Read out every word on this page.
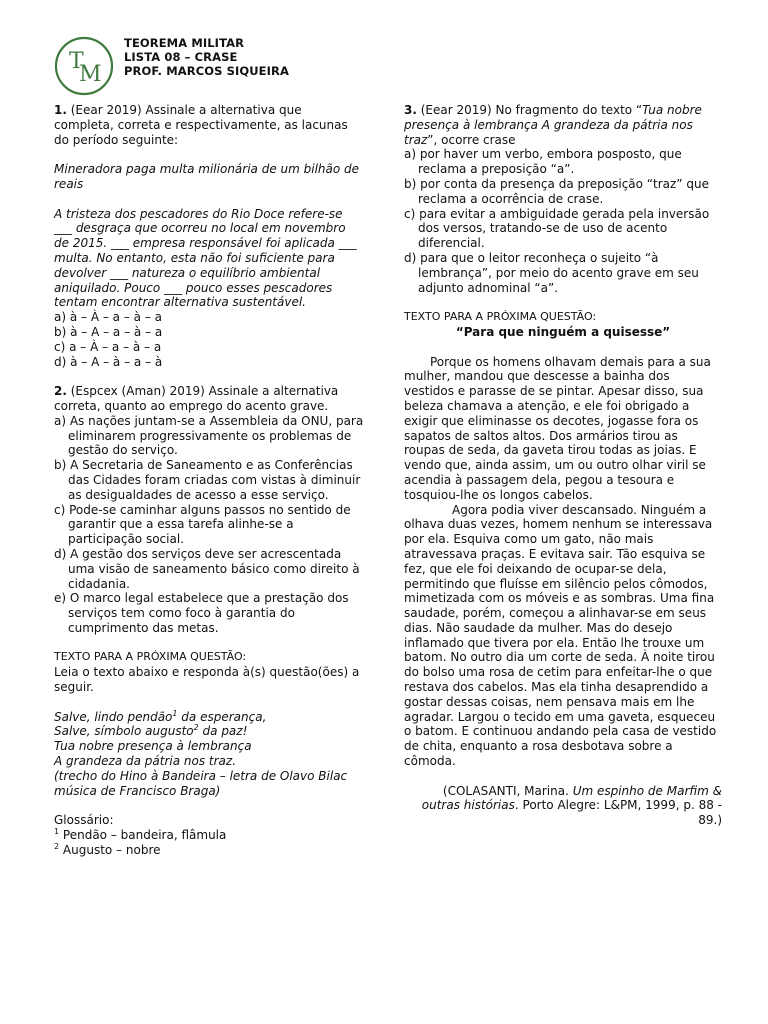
T
M
TEOREMA MILITAR
LISTA 08 – CRASE
PROF. MARCOS SIQUEIRA

1. (Eear 2019) Assinale a alternativa que completa, correta e respectivamente, as lacunas do período seguinte:

Mineradora paga multa milionária de um bilhão de reais

A tristeza dos pescadores do Rio Doce refere-se ___ desgraça que ocorreu no local em novembro de 2015. ___ empresa responsável foi aplicada ___ multa. No entanto, esta não foi suficiente para devolver ___ natureza o equilíbrio ambiental aniquilado. Pouco ___ pouco esses pescadores tentam encontrar alternativa sustentável.

a) à – À – a – à – a

b) à – A – a – à – a

c) a – À – a – à – a

d) à – A – à – a – à

2. (Espcex (Aman) 2019) Assinale a alternativa correta, quanto ao emprego do acento grave.

a) As nações juntam-se a Assembleia da ONU, para eliminarem progressivamente os problemas de gestão do serviço.

b) A Secretaria de Saneamento e as Conferências das Cidades foram criadas com vistas à diminuir as desigualdades de acesso a esse serviço.

c) Pode-se caminhar alguns passos no sentido de garantir que a essa tarefa alinhe-se a participação social.

d) A gestão dos serviços deve ser acrescentada uma visão de saneamento básico como direito à cidadania.

e) O marco legal estabelece que a prestação dos serviços tem como foco à garantia do cumprimento das metas.

TEXTO PARA A PRÓXIMA QUESTÃO:

Leia o texto abaixo e responda à(s) questão(ões) a seguir.

Salve, lindo pendão$^1$ da esperança,

Salve, símbolo augusto$^2$ da paz!

Tua nobre presença à lembrança

A grandeza da pátria nos traz.

(trecho do Hino à Bandeira – letra de Olavo Bilac música de Francisco Braga)

Glossário:

$^1$ Pendão – bandeira, flâmula

$^2$ Augusto – nobre

3. (Eear 2019) No fragmento do texto “Tua nobre presença à lembrança A grandeza da pátria nos traz”, ocorre crase

a) por haver um verbo, embora posposto, que reclama a preposição “a”.

b) por conta da presença da preposição “traz” que reclama a ocorrência de crase.

c) para evitar a ambiguidade gerada pela inversão dos versos, tratando-se de uso de acento diferencial.

d) para que o leitor reconheça o sujeito “à lembrança”, por meio do acento grave em seu adjunto adnominal “a”.

TEXTO PARA A PRÓXIMA QUESTÃO:

“Para que ninguém a quisesse”

Porque os homens olhavam demais para a sua mulher, mandou que descesse a bainha dos vestidos e parasse de se pintar. Apesar disso, sua beleza chamava a atenção, e ele foi obrigado a exigir que eliminasse os decotes, jogasse fora os sapatos de saltos altos. Dos armários tirou as roupas de seda, da gaveta tirou todas as joias. E vendo que, ainda assim, um ou outro olhar viril se acendia à passagem dela, pegou a tesoura e tosquiou-lhe os longos cabelos.

Agora podia viver descansado. Ninguém a olhava duas vezes, homem nenhum se interessava por ela. Esquiva como um gato, não mais atravessava praças. E evitava sair. Tão esquiva se fez, que ele foi deixando de ocupar-se dela, permitindo que fluísse em silêncio pelos cômodos, mimetizada com os móveis e as sombras. Uma fina saudade, porém, começou a alinhavar-se em seus dias. Não saudade da mulher. Mas do desejo inflamado que tivera por ela. Então lhe trouxe um batom. No outro dia um corte de seda. À noite tirou do bolso uma rosa de cetim para enfeitar-lhe o que restava dos cabelos. Mas ela tinha desaprendido a gostar dessas coisas, nem pensava mais em lhe agradar. Largou o tecido em uma gaveta, esqueceu o batom. E continuou andando pela casa de vestido de chita, enquanto a rosa desbotava sobre a cômoda.

(COLASANTI, Marina. Um espinho de Marfim & outras histórias. Porto Alegre: L&PM, 1999, p. 88 - 89.)
